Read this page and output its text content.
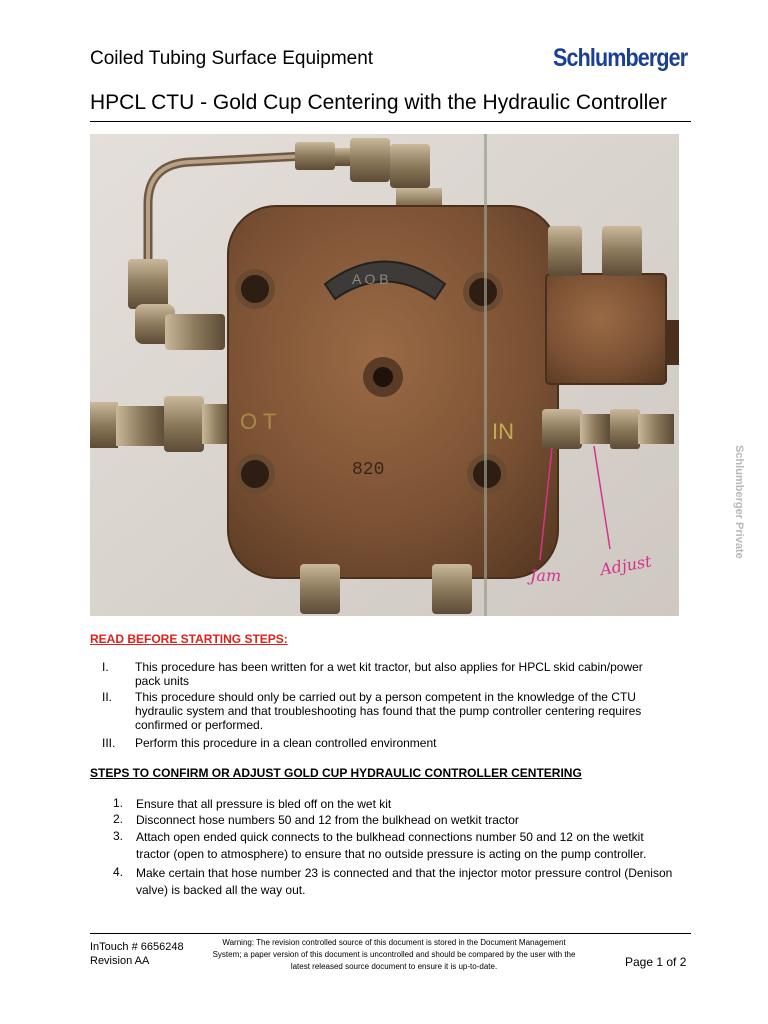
Coiled Tubing Surface Equipment	Schlumberger
HPCL CTU - Gold Cup Centering with the Hydraulic Controller
A O B
820
O T	IN
Jam Adjust
Schlumberger Private
READ BEFORE STARTING STEPS:
I.	This procedure has been written for a wet kit tractor, but also applies for HPCL skid cabin/power pack units
II.	This procedure should only be carried out by a person competent in the knowledge of the CTU hydraulic system and that troubleshooting has found that the pump controller centering requires confirmed or performed.
III.	Perform this procedure in a clean controlled environment
STEPS TO CONFIRM OR ADJUST GOLD CUP HYDRAULIC CONTROLLER CENTERING
1.	Ensure that all pressure is bled off on the wet kit
2.	Disconnect hose numbers 50 and 12 from the bulkhead on wetkit tractor
3.	Attach open ended quick connects to the bulkhead connections number 50 and 12 on the wetkit tractor (open to atmosphere) to ensure that no outside pressure is acting on the pump controller.
4.	Make certain that hose number 23 is connected and that the injector motor pressure control (Denison valve) is backed all the way out.
InTouch # 6656248
Revision AA
Warning: The revision controlled source of this document is stored in the Document Management System; a paper version of this document is uncontrolled and should be compared by the user with the latest released source document to ensure it is up-to-date.	Page 1 of 2
